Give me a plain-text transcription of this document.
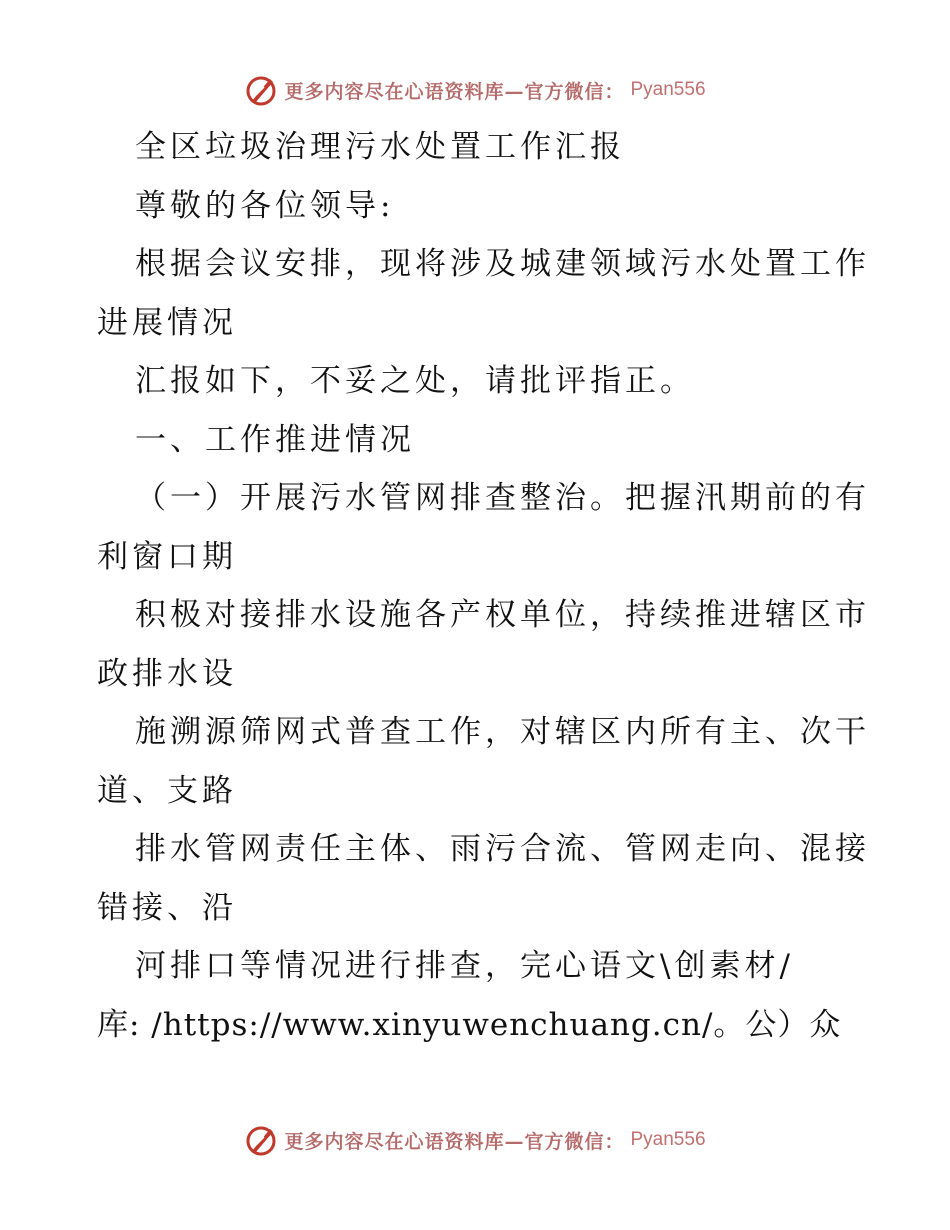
更多内容尽在心语资料库—官方微信： Pyan556
全区垃圾治理污水处置工作汇报
尊敬的各位领导:
根据会议安排，现将涉及城建领域污水处置工作
进展情况
汇报如下，不妥之处，请批评指正。
一、工作推进情况
（一）开展污水管网排查整治。把握汛期前的有
利窗口期
积极对接排水设施各产权单位，持续推进辖区市
政排水设
施溯源筛网式普查工作，对辖区内所有主、次干
道、支路
排水管网责任主体、雨污合流、管网走向、混接
错接、沿
河排口等情况进行排查，完心语文\创素材/
库: /https://www.xinyuwenchuang.cn/。公）众
更多内容尽在心语资料库—官方微信： Pyan556
